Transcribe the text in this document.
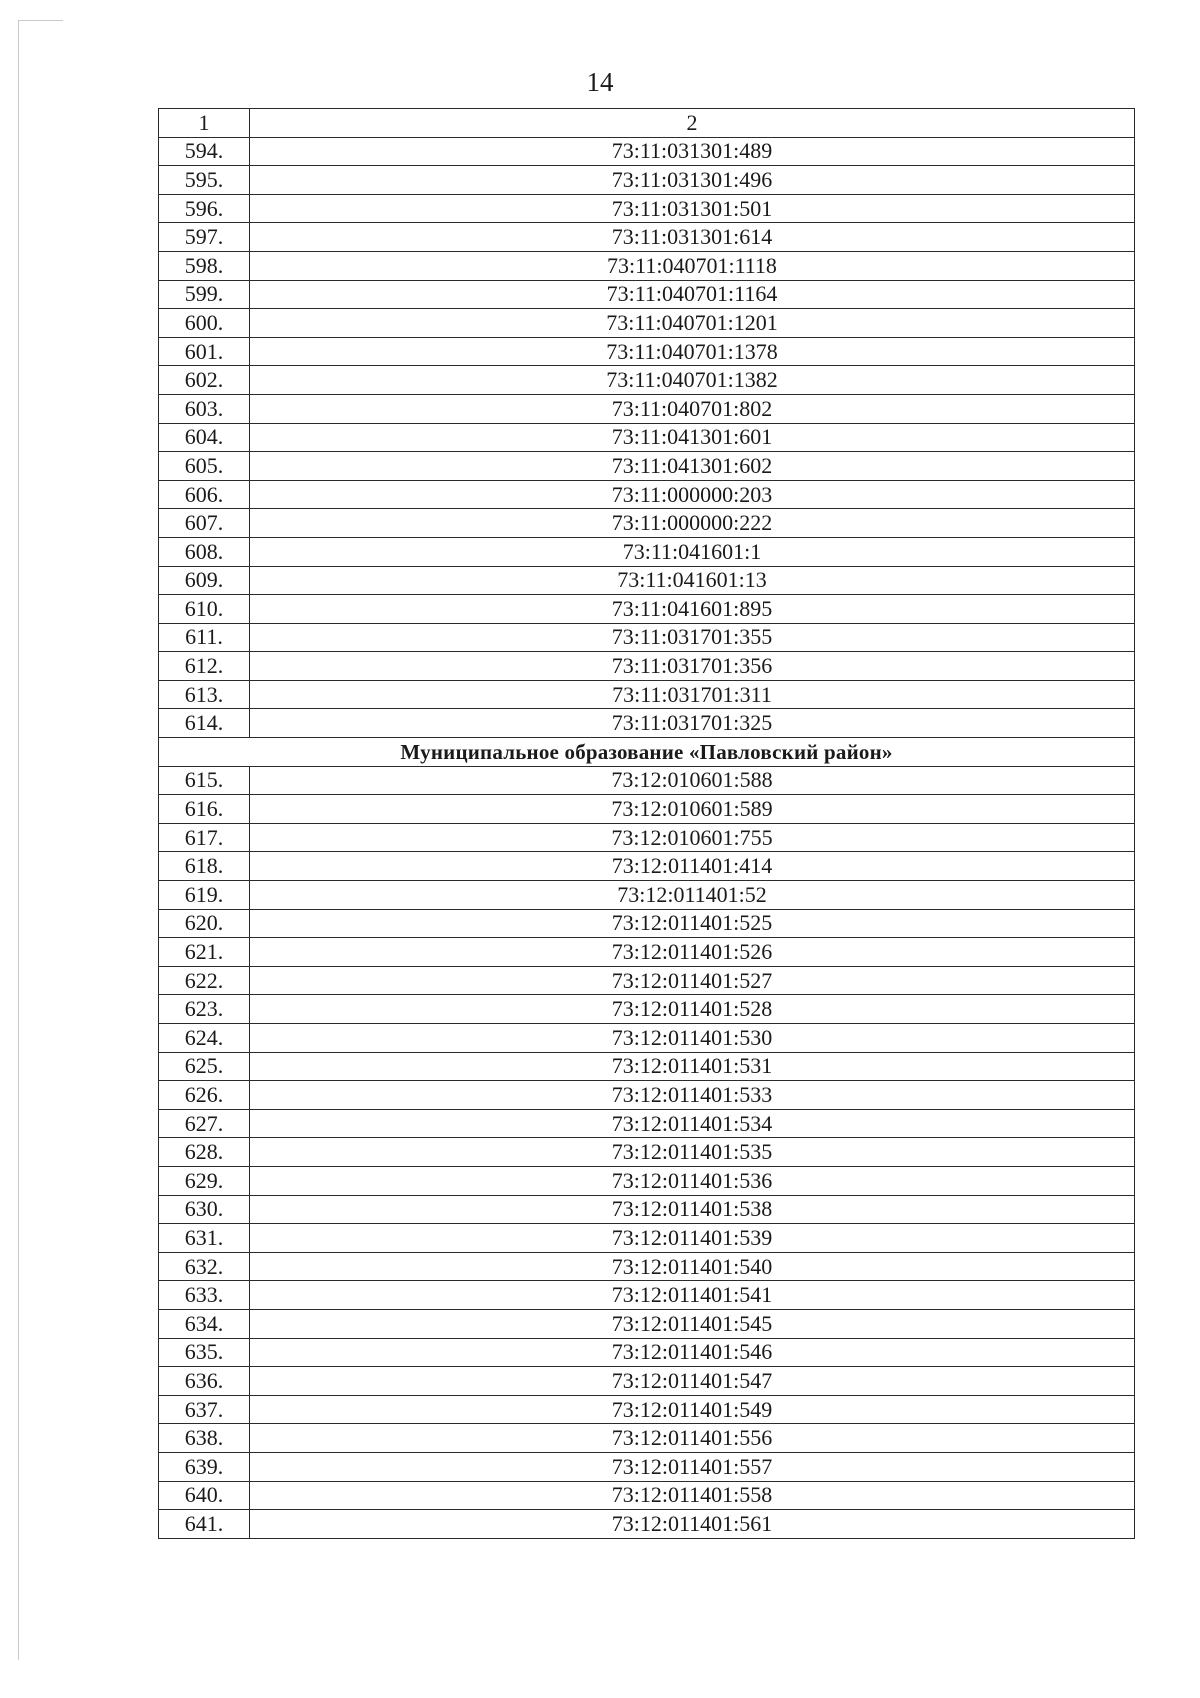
14
1	2
594.	73:11:031301:489
595.	73:11:031301:496
596.	73:11:031301:501
597.	73:11:031301:614
598.	73:11:040701:1118
599.	73:11:040701:1164
600.	73:11:040701:1201
601.	73:11:040701:1378
602.	73:11:040701:1382
603.	73:11:040701:802
604.	73:11:041301:601
605.	73:11:041301:602
606.	73:11:000000:203
607.	73:11:000000:222
608.	73:11:041601:1
609.	73:11:041601:13
610.	73:11:041601:895
611.	73:11:031701:355
612.	73:11:031701:356
613.	73:11:031701:311
614.	73:11:031701:325
Муниципальное образование «Павловский район»	
615.	73:12:010601:588
616.	73:12:010601:589
617.	73:12:010601:755
618.	73:12:011401:414
619.	73:12:011401:52
620.	73:12:011401:525
621.	73:12:011401:526
622.	73:12:011401:527
623.	73:12:011401:528
624.	73:12:011401:530
625.	73:12:011401:531
626.	73:12:011401:533
627.	73:12:011401:534
628.	73:12:011401:535
629.	73:12:011401:536
630.	73:12:011401:538
631.	73:12:011401:539
632.	73:12:011401:540
633.	73:12:011401:541
634.	73:12:011401:545
635.	73:12:011401:546
636.	73:12:011401:547
637.	73:12:011401:549
638.	73:12:011401:556
639.	73:12:011401:557
640.	73:12:011401:558
641.	73:12:011401:561
